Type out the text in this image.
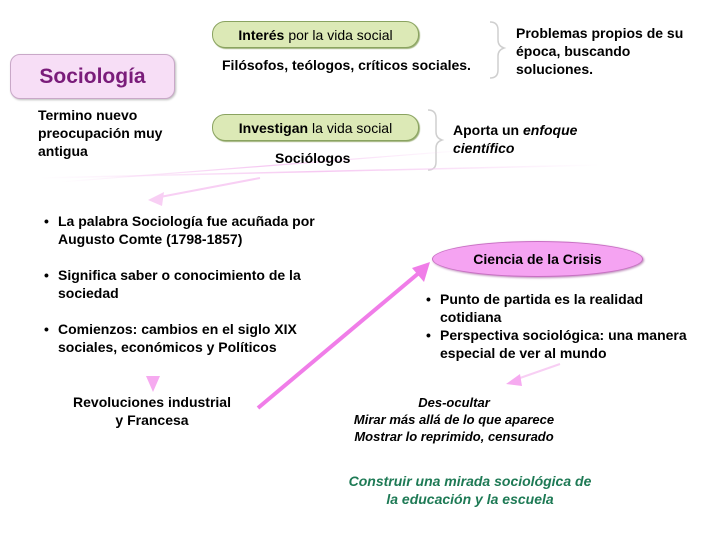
Sociología
Interés por la vida social
Filósofos, teólogos, críticos sociales.
Problemas propios de su
época, buscando
soluciones.
Termino nuevo
preocupación muy
antigua
Investigan la vida social	Aporta un enfoque
científico
Sociólogos
• La palabra Sociología fue acuñada por
Augusto Comte (1798-1857)
• Significa saber o conocimiento de la
sociedad
• Comienzos: cambios en el siglo XIX
sociales, económicos y Políticos
Ciencia de la Crisis
• Punto de partida es la realidad
cotidiana
• Perspectiva sociológica: una manera
especial de ver al mundo
Revoluciones industrial
y Francesa
Des-ocultar
Mirar más allá de lo que aparece
Mostrar lo reprimido, censurado
Construir una mirada sociológica de
la educación y la escuela
